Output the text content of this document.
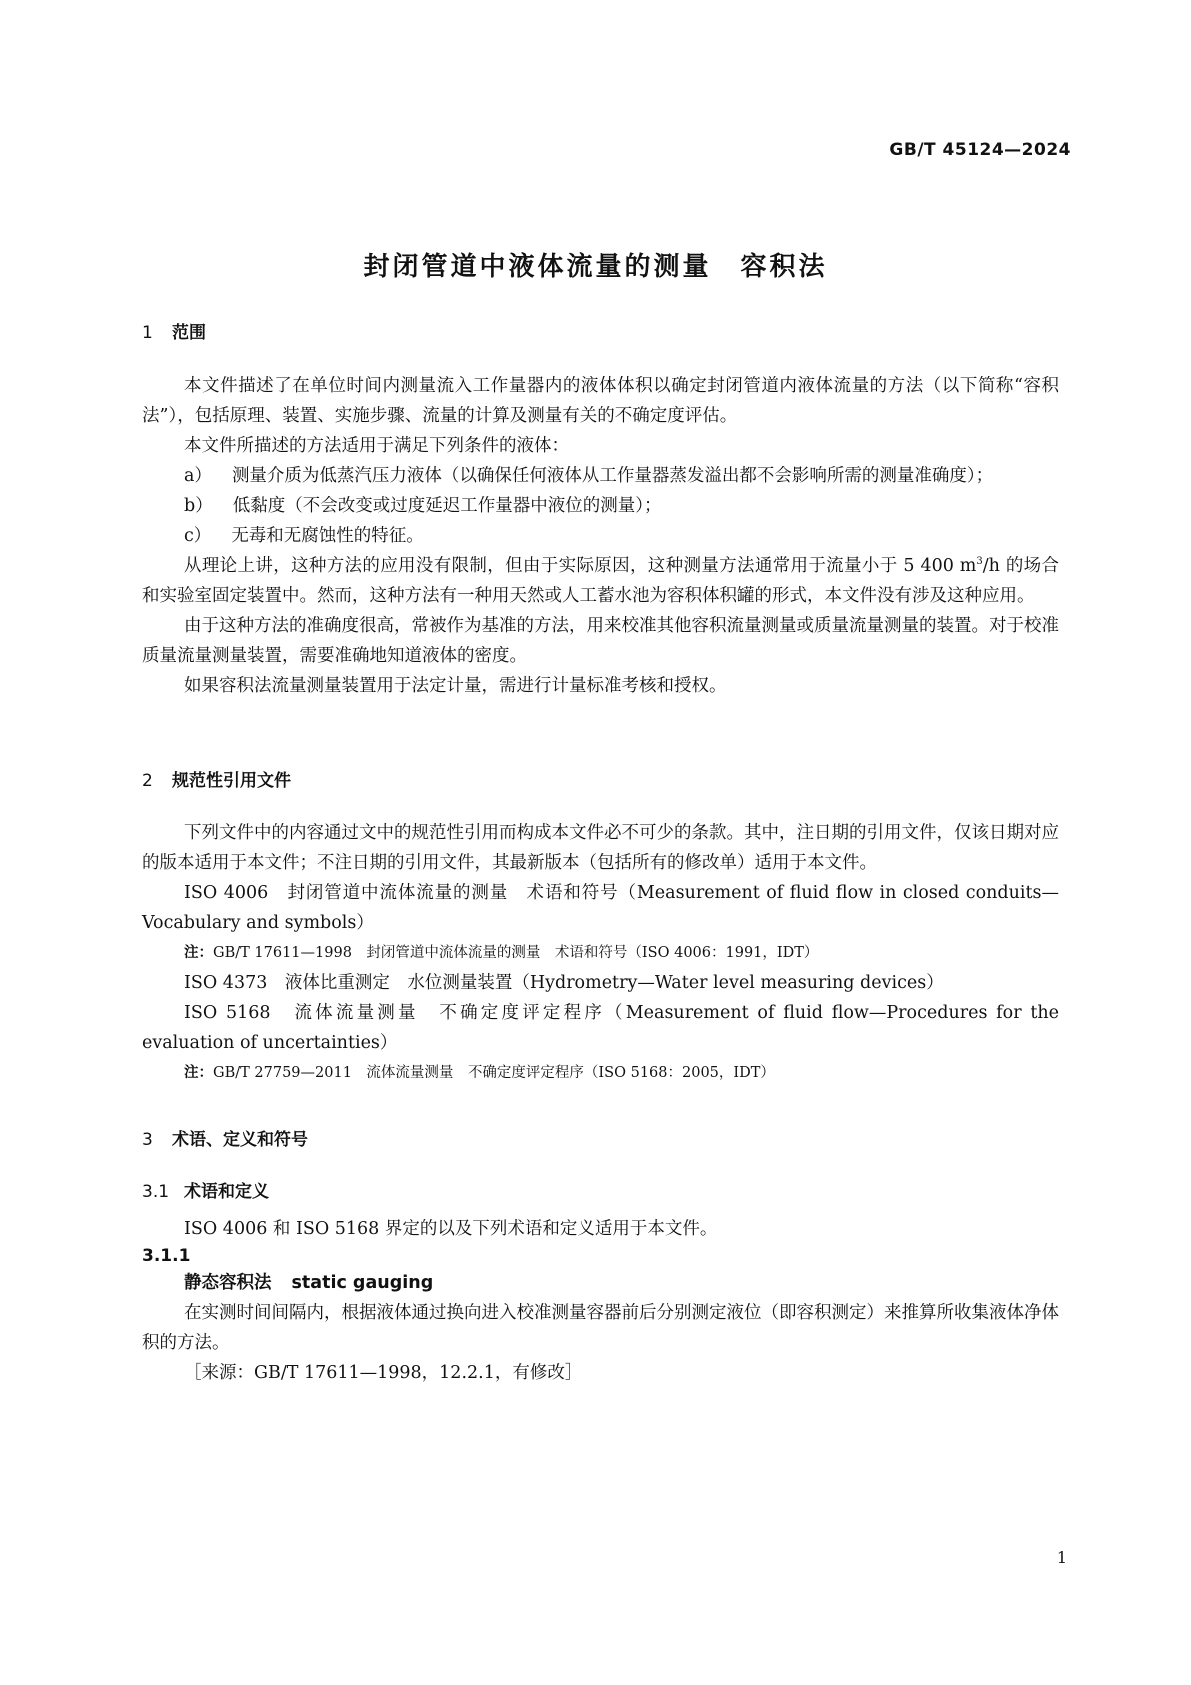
GB/T 45124—2024
封闭管道中液体流量的测量　容积法
1 范围

本文件描述了在单位时间内测量流入工作量器内的液体体积以确定封闭管道内液体流量的方法（以下简称“容积法”），包括原理、装置、实施步骤、流量的计算及测量有关的不确定度评估。

本文件所描述的方法适用于满足下列条件的液体：

a） 测量介质为低蒸汽压力液体（以确保任何液体从工作量器蒸发溢出都不会影响所需的测量准确度）；

b） 低黏度（不会改变或过度延迟工作量器中液位的测量）；

c） 无毒和无腐蚀性的特征。

从理论上讲，这种方法的应用没有限制，但由于实际原因，这种测量方法通常用于流量小于 5 400 $m^3/h$ 的场合和实验室固定装置中。然而，这种方法有一种用天然或人工蓄水池为容积体积罐的形式，本文件没有涉及这种应用。

由于这种方法的准确度很高，常被作为基准的方法，用来校准其他容积流量测量或质量流量测量的装置。对于校准质量流量测量装置，需要准确地知道液体的密度。

如果容积法流量测量装置用于法定计量，需进行计量标准考核和授权。

2 规范性引用文件

下列文件中的内容通过文中的规范性引用而构成本文件必不可少的条款。其中，注日期的引用文件，仅该日期对应的版本适用于本文件；不注日期的引用文件，其最新版本（包括所有的修改单）适用于本文件。

ISO 4006　封闭管道中流体流量的测量　术语和符号（Measurement of fluid flow in closed conduits—Vocabulary and symbols）

注：GB/T 17611—1998　封闭管道中流体流量的测量　术语和符号（ISO 4006：1991，IDT）

ISO 4373　液体比重测定　水位测量装置（Hydrometry—Water level measuring devices）

ISO 5168　流体流量测量　不确定度评定程序（Measurement of fluid flow—Procedures for the evaluation of uncertainties）

注：GB/T 27759—2011　流体流量测量　不确定度评定程序（ISO 5168：2005，IDT）

3 术语、定义和符号
3.1 术语和定义

ISO 4006 和 ISO 5168 界定的以及下列术语和定义适用于本文件。

3.1.1

静态容积法 static gauging

在实测时间间隔内，根据液体通过换向进入校准测量容器前后分别测定液位（即容积测定）来推算所收集液体净体积的方法。

［来源：GB/T 17611—1998，12.2.1，有修改］

1
